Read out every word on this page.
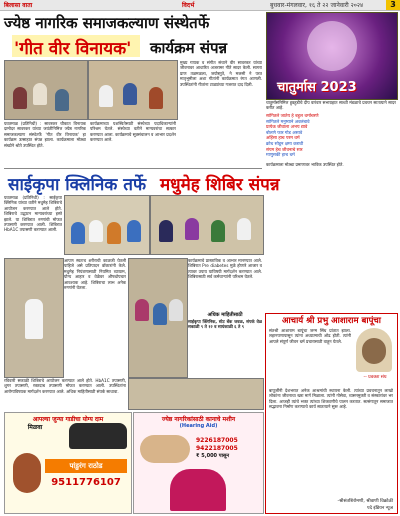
बिलासा वाता	विदर्भ	बुधवार-मंगलवार, १६ ते २२ जानेवारी २०२४	3
ज्येष्ठ नागरिक समाजकल्याण संस्थेतर्फे
'गीत वीर विनायक' कार्यक्रम संपन्न
यवतमाळ (प्रतिनिधी) : सावरकर चौकात विनायक दामोदर सावरकर यांच्या जयंतीनिमित्त ज्येष्ठ नागरिक समाजकल्याण संस्थेतर्फे 'गीत वीर विनायक' हा कार्यक्रम उत्साहात संपन्न झाला. कार्यक्रमाला मोठ्या संख्येने श्रोते उपस्थित होते.
कार्यक्रमाच्या यशस्वितेसाठी संस्थेच्या पदाधिकाऱ्यांनी परिश्रम घेतले. संस्थेच्या वतीने मान्यवरांचा सत्कार करण्यात आला. कार्यक्रमाचे सूत्रसंचालन व आभार प्रदर्शन करण्यात आले.
मुख्य गायक व संगीत संचाने वीर सावरकर यांच्या जीवनावर आधारित अजरामर गीते सादर केली. सागरा प्राण तळमळला, जयोस्तुते, ने मजसी ने परत मातृभूमीला अशा गीतांनी कार्यक्रमात रंगत आणली. उपस्थितांनी गीतांना टाळ्यांच्या गजरात दाद दिली.	चातुर्मास 2023
चातुर्मासनिमित्त हुडहुडीचे दीप वारंवार सभाग्रहात साध्वी मंडळाचे प्रवचन सातत्याने सादर करीत आहे.
सांगितले जातेय हे बहुल धर्माचरणे
सांगितले मनुष्याने अवलंबावे
प्रत्येक जीवाला अभय द्यावे
बोलणे फार गोड असावे
अहिंसा हाच परम धर्म
क्रोध सोडून क्षमा करावी
संयम हेच जीवनाचे सार
माणुसकी हाच धर्म
कार्यक्रमाला मोठ्या प्रमाणावर भाविक उपस्थित होते.
साईकृपा क्लिनिक तर्फे मधुमेह शिबिर संपन्न
यवतमाळ (प्रतिनिधी) : साईकृपा क्लिनिक यांच्या वतीने मधुमेह शिबिराचे आयोजन करण्यात आले होते. शिबिराचे उद्घाटन मान्यवरांच्या हस्ते झाले. या शिबिरात रुग्णांची मोफत तपासणी करण्यात आली. शिबिरात HbA1C तपासणी करण्यात आली.
आपण स्वतःच शरीराची काळजी घेतली पाहिजे असे प्रतिपादन डॉक्टरांनी केले. मधुमेह नियंत्रणासाठी नियमित व्यायाम, योग्य आहार व वेळेवर औषधोपचार आवश्यक आहे. शिबिराचा लाभ अनेक रुग्णांनी घेतला.
कार्यक्रमाचे प्रास्ताविक व आभार मानण्यात आले. शिबिरात Pre diabetes मुळे होणारे आजार व त्यावर उपाय याविषयी मार्गदर्शन करण्यात आले. शिबिरासाठी सर्व कर्मचाऱ्यांनी परिश्रम घेतले.
अधिक माहितीसाठी
साईकृपा क्लिनिक, स्टेट बँक जवळ, संपर्क वेळ सकाळी ९ ते १२ व सायंकाळी ६ ते ९
रविवारी सकाळी शिबिराचे आयोजन करण्यात आले होते. HbA1C तपासणी, शुगर तपासणी, रक्तदाब तपासणी मोफत करण्यात आली. उपस्थितांना आरोग्यविषयक मार्गदर्शन करण्यात आले. अधिक माहितीसाठी संपर्क साधावा.
आपल्या जुन्या गाडीचा योग्य दाम
मिळवा
पांडुरंग राठोड
9511776107
ज्येष्ठ नागरिकांसाठी कानाचे मशीन
(Hearing Aid)
9226187005
9422187005
₹ 5,000 पासून
आचार्य श्री प्रभु आशाराम बापूंचा
संतश्री आशाराम बापूंचा जन्म सिंध प्रांतात झाला. लहानपणापासून त्यांना अध्यात्माची ओढ होती. त्यांनी आपले संपूर्ण जीवन धर्म प्रचारासाठी वाहून घेतले.
-- प्रवक्ता संघ
बापूजींनी देशभरात अनेक आश्रमांची स्थापना केली. त्यांच्या प्रवचनातून लाखो लोकांना जीवनाचा खरा मार्ग मिळाला. त्यांनी गोसेवा, व्यसनमुक्ती व संस्कारांवर भर दिला. आजही त्यांचे भक्त त्यांच्या शिकवणीचे पालन करतात. सत्संगातून समाजात सद्भावना निर्माण करण्याचे कार्य सातत्याने सुरू आहे.
-श्रीसंतशिरोमणी, श्रीवाणी विक्रोळी
पदे इंडियन न्यूज
